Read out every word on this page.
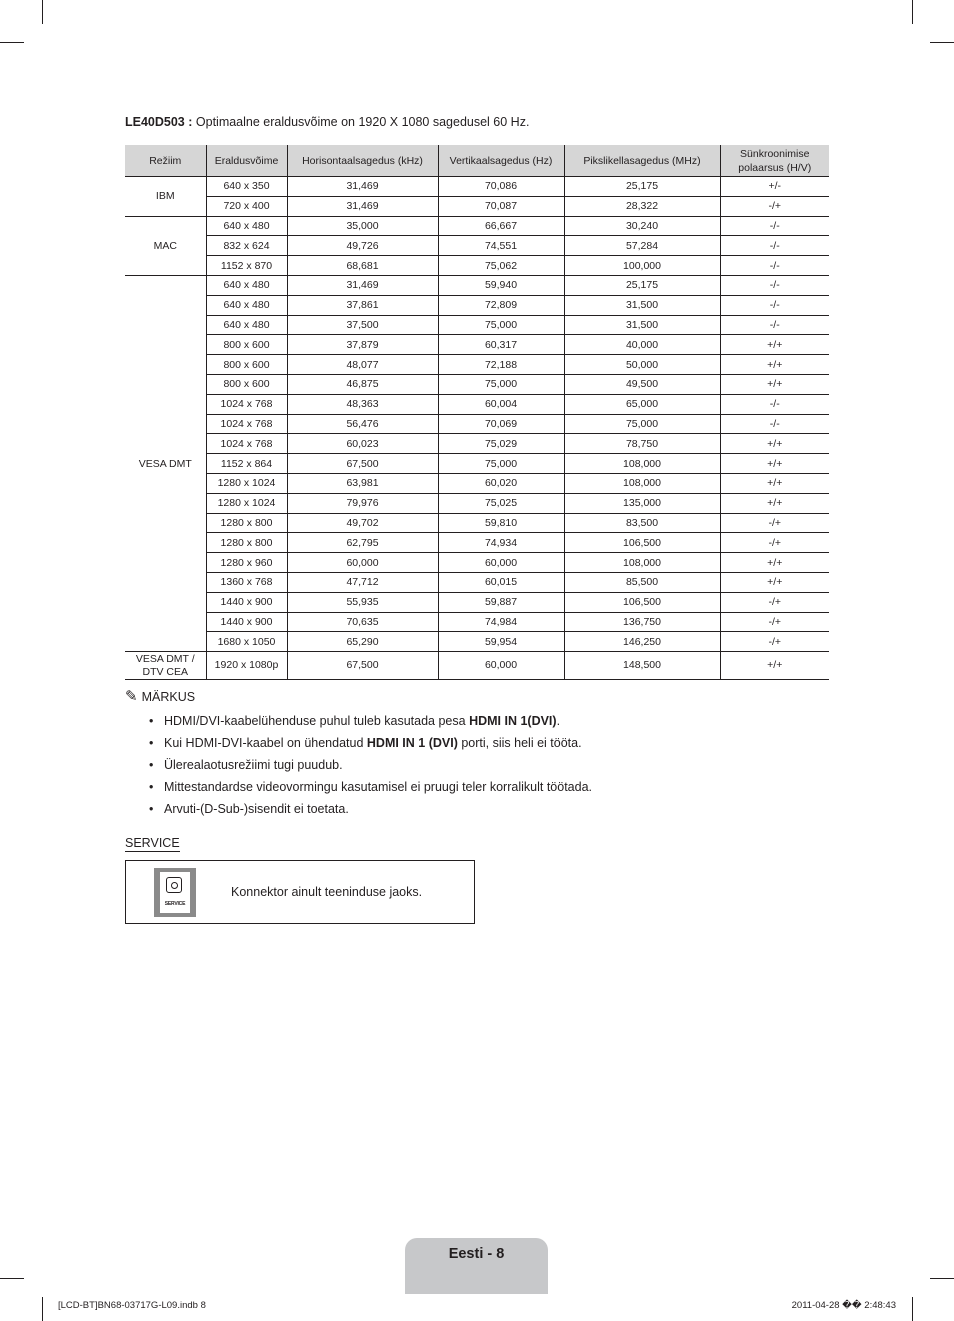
LE40D503 : Optimaalne eraldusvõime on 1920 X 1080 sagedusel 60 Hz.
Režiim	Eraldusvõime	Horisontaalsagedus (kHz)	Vertikaalsagedus (Hz)	Pikslikellasagedus (MHz)	Sünkroonimise
polaarsus (H/V)
IBM	640 x 350	31,469	70,086	25,175	+/-
	720 x 400	31,469	70,087	28,322	-/+
MAC	640 x 480	35,000	66,667	30,240	-/-
	832 x 624	49,726	74,551	57,284	-/-
	1152 x 870	68,681	75,062	100,000	-/-
VESA DMT	640 x 480	31,469	59,940	25,175	-/-
	640 x 480	37,861	72,809	31,500	-/-
	640 x 480	37,500	75,000	31,500	-/-
	800 x 600	37,879	60,317	40,000	+/+
	800 x 600	48,077	72,188	50,000	+/+
	800 x 600	46,875	75,000	49,500	+/+
	1024 x 768	48,363	60,004	65,000	-/-
	1024 x 768	56,476	70,069	75,000	-/-
	1024 x 768	60,023	75,029	78,750	+/+
	1152 x 864	67,500	75,000	108,000	+/+
	1280 x 1024	63,981	60,020	108,000	+/+
	1280 x 1024	79,976	75,025	135,000	+/+
	1280 x 800	49,702	59,810	83,500	-/+
	1280 x 800	62,795	74,934	106,500	-/+
	1280 x 960	60,000	60,000	108,000	+/+
	1360 x 768	47,712	60,015	85,500	+/+
	1440 x 900	55,935	59,887	106,500	-/+
	1440 x 900	70,635	74,984	136,750	-/+
	1680 x 1050	65,290	59,954	146,250	-/+
VESA DMT /
DTV CEA	1920 x 1080p	67,500	60,000	148,500	+/+
✎ MÄRKUS
• HDMI/DVI-kaabelühenduse puhul tuleb kasutada pesa HDMI IN 1(DVI).
• Kui HDMI-DVI-kaabel on ühendatud HDMI IN 1 (DVI) porti, siis heli ei tööta.
• Ülerealaotusrežiimi tugi puudub.
• Mittestandardse videovormingu kasutamisel ei pruugi teler korralikult töötada.
• Arvuti-(D-Sub-)sisendit ei toetata.
SERVICE
SERVICE
Konnektor ainult teeninduse jaoks.
Eesti - 8
[LCD-BT]BN68-03717G-L09.indb 8	2011-04-28 �� 2:48:43
